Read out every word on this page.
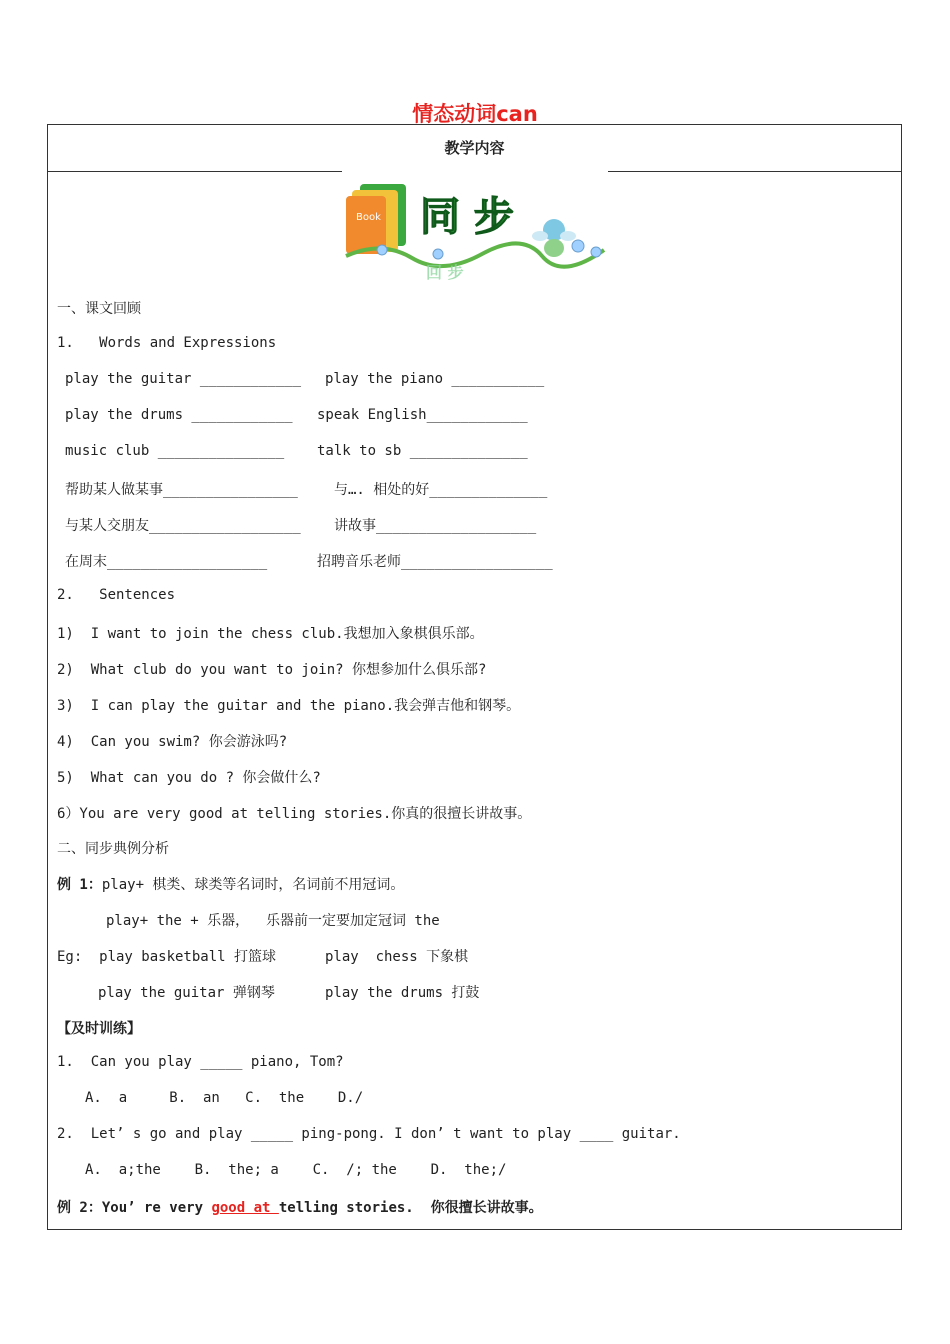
情态动词can
教学内容
Book 同 步
回 步
一、课文回顾
1.   Words and Expressions
play the guitar ____________ play the piano ___________
play the drums ____________ speak English____________
music club _______________ talk to sb ______________
帮助某人做某事________________	与…. 相处的好______________
与某人交朋友__________________ 讲故事___________________
在周末___________________	招聘音乐老师__________________
2.   Sentences
1)  I want to join the chess club.我想加入象棋俱乐部。
2)  What club do you want to join? 你想参加什么俱乐部?
3)  I can play the guitar and the piano.我会弹吉他和钢琴。
4)  Can you swim? 你会游泳吗?
5)  What can you do ? 你会做什么?
6）You are very good at telling stories.你真的很擅长讲故事。
二、同步典例分析
例 1：play+ 棋类、球类等名词时，名词前不用冠词。
play+ the + 乐器，  乐器前一定要加定冠词 the
Eg:  play basketball 打篮球	play  chess 下象棋
play the guitar 弹钢琴	play the drums 打鼓
【及时训练】
1.  Can you play _____ piano, Tom?
A.  a     B.  an   C.  the    D./
2.  Let’ s go and play _____ ping-pong. I don’ t want to play ____ guitar.
A.  a;the    B.  the; a    C.  /; the    D.  the;/
例 2：You’ re very good at telling stories.  你很擅长讲故事。
